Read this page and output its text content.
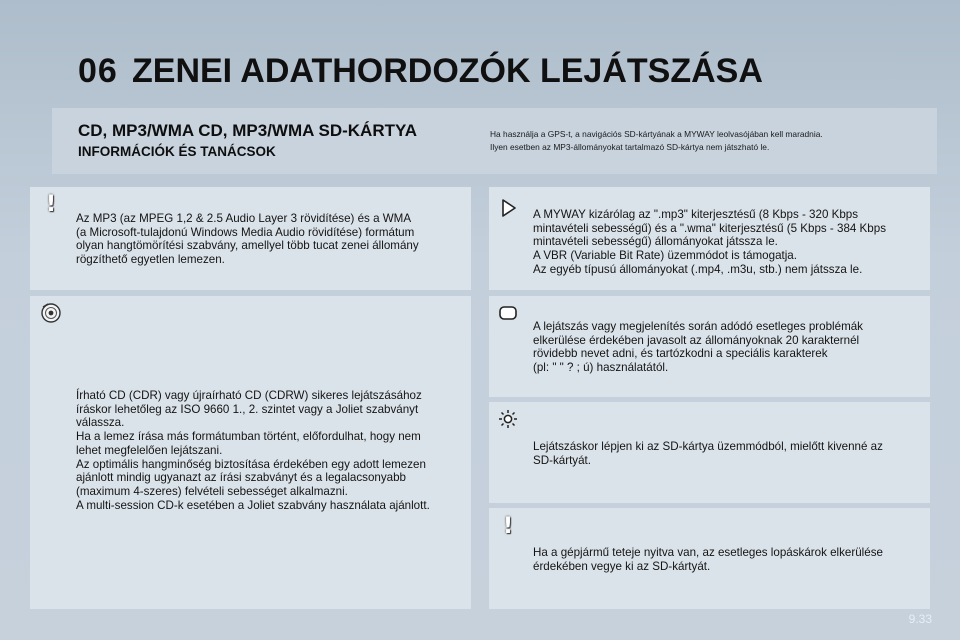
06 ZENEI ADATHORDOZÓK LEJÁTSZÁSA
CD, MP3/WMA CD, MP3/WMA SD-KÁRTYA
INFORMÁCIÓK ÉS TANÁCSOK
Ha használja a GPS-t, a navigációs SD-kártyának a MYWAY leolvasójában kell maradnia.
Ilyen esetben az MP3-állományokat tartalmazó SD-kártya nem játszható le.
!
Az MP3 (az MPEG 1,2 & 2.5 Audio Layer 3 rövidítése) és a WMA
(a Microsoft-tulajdonú Windows Media Audio rövidítése) formátum
olyan hangtömörítési szabvány, amellyel több tucat zenei állomány
rögzíthető egyetlen lemezen.
Írható CD (CDR) vagy újraírható CD (CDRW) sikeres lejátszásához
íráskor lehetőleg az ISO 9660 1., 2. szintet vagy a Joliet szabványt
válassza.
Ha a lemez írása más formátumban történt, előfordulhat, hogy nem
lehet megfelelően lejátszani.
Az optimális hangminőség biztosítása érdekében egy adott lemezen
ajánlott mindig ugyanazt az írási szabványt és a legalacsonyabb
(maximum 4-szeres) felvételi sebességet alkalmazni.
A multi-session CD-k esetében a Joliet szabvány használata ajánlott.
A MYWAY kizárólag az ".mp3" kiterjesztésű (8 Kbps - 320 Kbps
mintavételi sebességű) és a ".wma" kiterjesztésű (5 Kbps - 384 Kbps
mintavételi sebességű) állományokat játssza le.
A VBR (Variable Bit Rate) üzemmódot is támogatja.
Az egyéb típusú állományokat (.mp4, .m3u, stb.) nem játssza le.
A lejátszás vagy megjelenítés során adódó esetleges problémák
elkerülése érdekében javasolt az állományoknak 20 karakternél
rövidebb nevet adni, és tartózkodni a speciális karakterek
(pl: " " ? ; ú) használatától.
Lejátszáskor lépjen ki az SD-kártya üzemmódból, mielőtt kivenné az
SD-kártyát.
!
Ha a gépjármű teteje nyitva van, az esetleges lopáskárok elkerülése
érdekében vegye ki az SD-kártyát.
9.33
